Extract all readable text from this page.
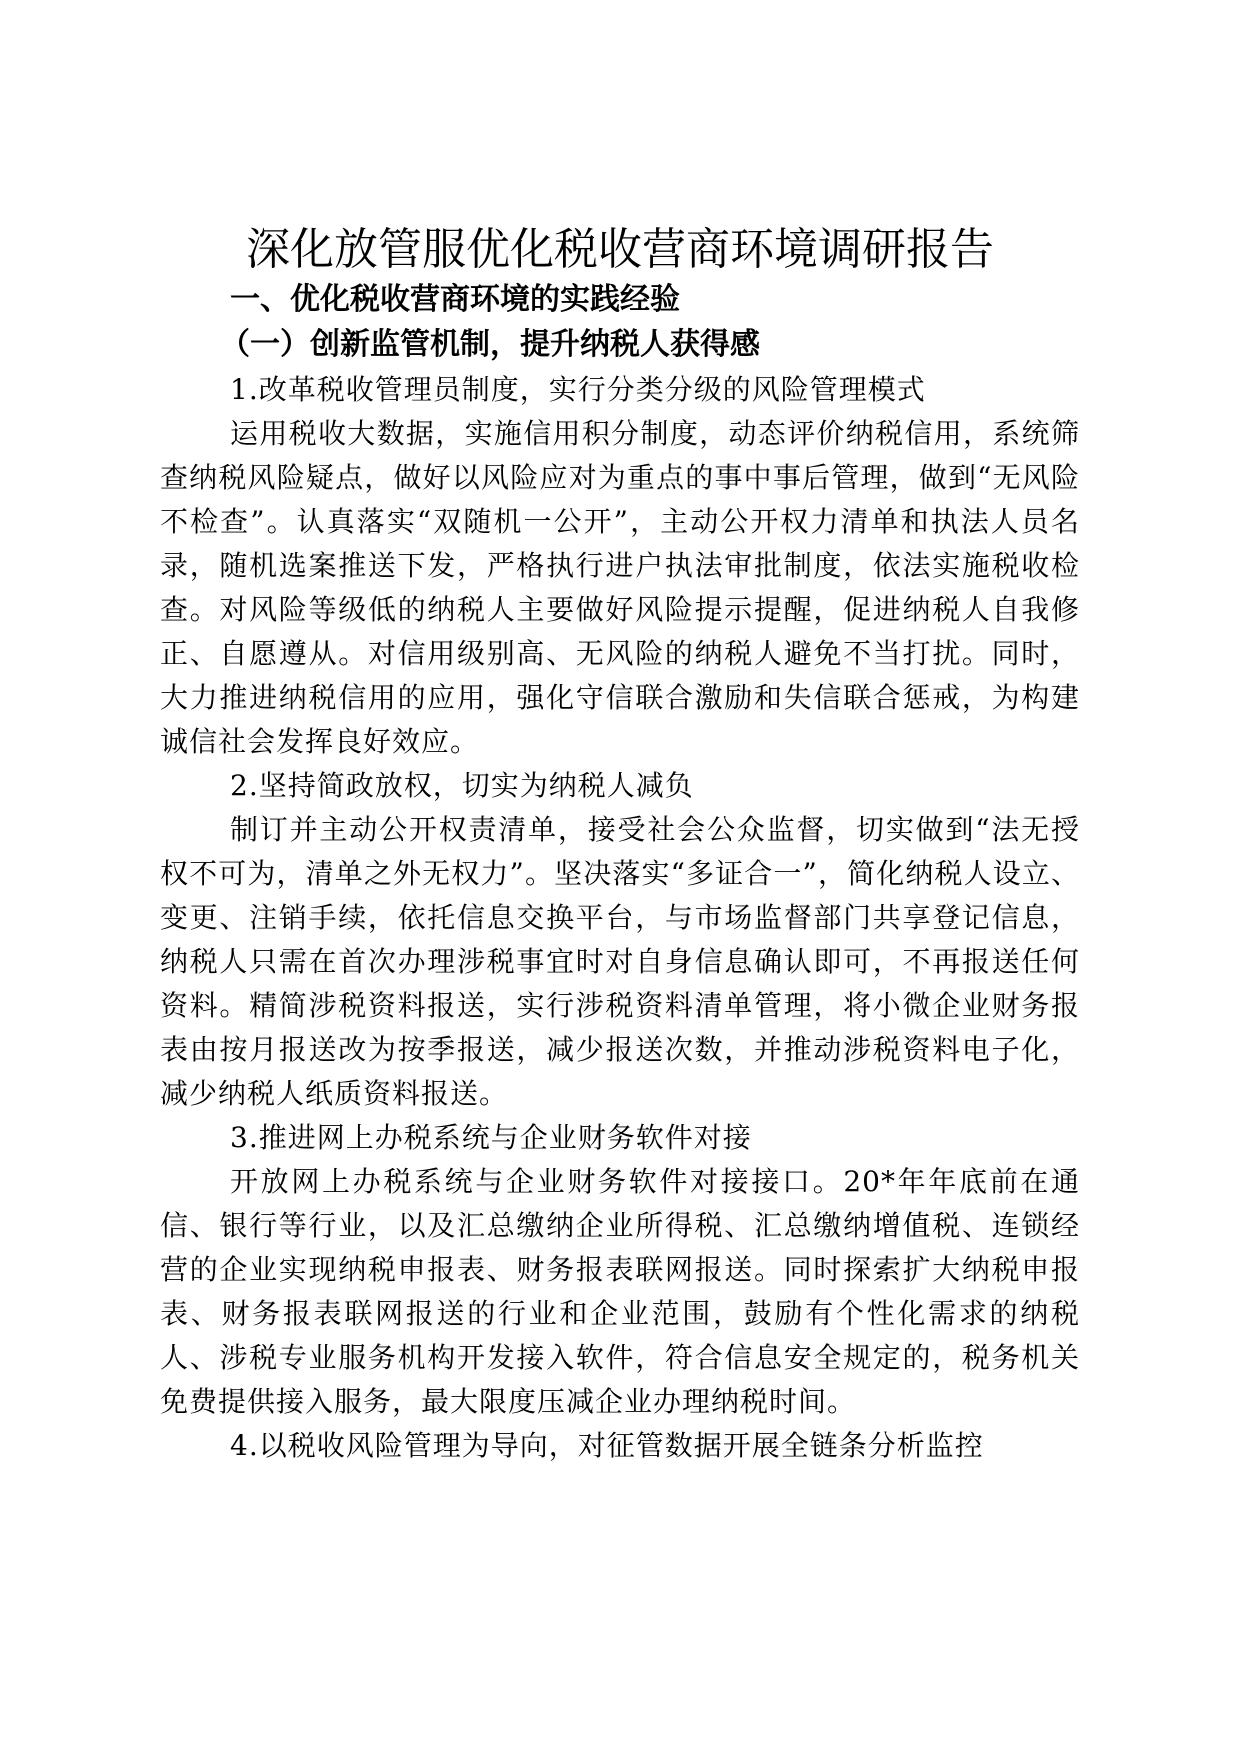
深化放管服优化税收营商环境调研报告
一、优化税收营商环境的实践经验
（一）创新监管机制，提升纳税人获得感

1.改革税收管理员制度，实行分类分级的风险管理模式

运用税收大数据，实施信用积分制度，动态评价纳税信用，系统筛查纳税风险疑点，做好以风险应对为重点的事中事后管理，做到“无风险不检查”。认真落实“双随机一公开”，主动公开权力清单和执法人员名录，随机选案推送下发，严格执行进户执法审批制度，依法实施税收检查。对风险等级低的纳税人主要做好风险提示提醒，促进纳税人自我修正、自愿遵从。对信用级别高、无风险的纳税人避免不当打扰。同时，大力推进纳税信用的应用，强化守信联合激励和失信联合惩戒，为构建诚信社会发挥良好效应。

2.坚持简政放权，切实为纳税人减负

制订并主动公开权责清单，接受社会公众监督，切实做到“法无授权不可为，清单之外无权力”。坚决落实“多证合一”，简化纳税人设立、变更、注销手续，依托信息交换平台，与市场监督部门共享登记信息，纳税人只需在首次办理涉税事宜时对自身信息确认即可，不再报送任何资料。精简涉税资料报送，实行涉税资料清单管理，将小微企业财务报表由按月报送改为按季报送，减少报送次数，并推动涉税资料电子化，减少纳税人纸质资料报送。

3.推进网上办税系统与企业财务软件对接

开放网上办税系统与企业财务软件对接接口。20*年年底前在通信、银行等行业，以及汇总缴纳企业所得税、汇总缴纳增值税、连锁经营的企业实现纳税申报表、财务报表联网报送。同时探索扩大纳税申报表、财务报表联网报送的行业和企业范围，鼓励有个性化需求的纳税人、涉税专业服务机构开发接入软件，符合信息安全规定的，税务机关免费提供接入服务，最大限度压减企业办理纳税时间。

4.以税收风险管理为导向，对征管数据开展全链条分析监控
